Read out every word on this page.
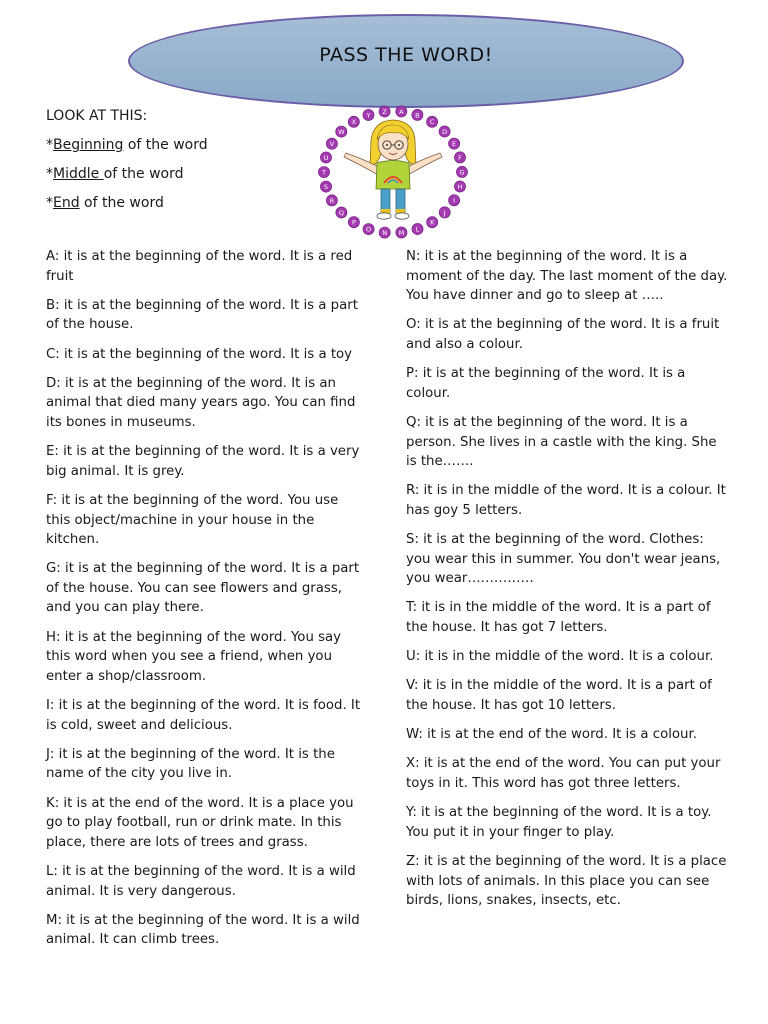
PASS THE WORD!
LOOK AT THIS:
*Beginning of the word
*Middle of the word
*End of the word
A B
C
D
E
F
G
H
I
J
K
L
M
N
O
P
Q
R
S
T
U
V
W
X
Y Z

A: it is at the beginning of the word. It is a red fruit

B: it is at the beginning of the word. It is a part of the house.

C: it is at the beginning of the word. It is a toy

D: it is at the beginning of the word. It is an animal that died many years ago. You can find its bones in museums.

E: it is at the beginning of the word. It is a very big animal. It is grey.

F: it is at the beginning of the word. You use this object/machine in your house in the kitchen.

G: it is at the beginning of the word. It is a part of the house. You can see flowers and grass, and you can play there.

H: it is at the beginning of the word. You say this word when you see a friend, when you enter a shop/classroom.

I: it is at the beginning of the word. It is food. It is cold, sweet and delicious.

J: it is at the beginning of the word. It is the name of the city you live in.

K: it is at the end of the word. It is a place you go to play football, run or drink mate. In this place, there are lots of trees and grass.

L: it is at the beginning of the word. It is a wild animal. It is very dangerous.

M: it is at the beginning of the word. It is a wild animal. It can climb trees.

N: it is at the beginning of the word. It is a moment of the day. The last moment of the day. You have dinner and go to sleep at …..

O: it is at the beginning of the word. It is a fruit and also a colour.

P: it is at the beginning of the word. It is a colour.

Q: it is at the beginning of the word. It is a person. She lives in a castle with the king. She is the…….

R: it is in the middle of the word. It is a colour. It has goy 5 letters.

S: it is at the beginning of the word. Clothes: you wear this in summer. You don't wear jeans, you wear……………

T: it is in the middle of the word. It is a part of the house. It has got 7 letters.

U: it is in the middle of the word. It is a colour.

V: it is in the middle of the word. It is a part of the house. It has got 10 letters.

W: it is at the end of the word. It is a colour.

X: it is at the end of the word. You can put your toys in it. This word has got three letters.

Y: it is at the beginning of the word. It is a toy. You put it in your finger to play.

Z: it is at the beginning of the word. It is a place with lots of animals. In this place you can see birds, lions, snakes, insects, etc.
